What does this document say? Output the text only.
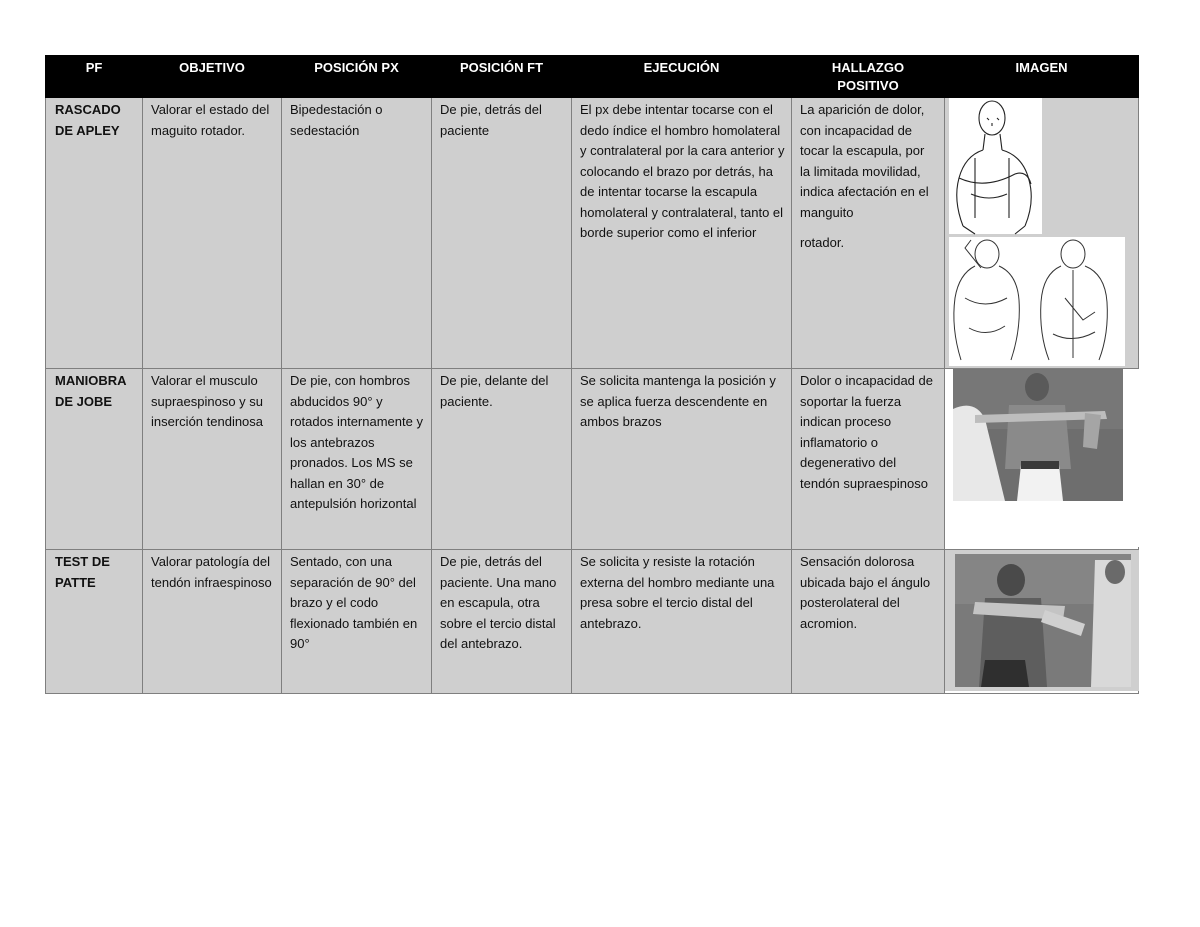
PF	OBJETIVO	POSICIÓN PX	POSICIÓN FT	EJECUCIÓN	HALLAZGO POSITIVO	IMAGEN
RASCADO DE APLEY	Valorar el estado del maguito rotador.	Bipedestación o sedestación	De pie, detrás del paciente	El px debe intentar tocarse con el dedo índice el hombro homolateral y contralateral por la cara anterior y colocando el brazo por detrás, ha de intentar tocarse la escapula homolateral y contralateral, tanto el borde superior como el inferior	La aparición de dolor, con incapacidad de tocar la escapula, por la limitada movilidad, indica afectación en el manguito
rotador.

MANIOBRA DE JOBE	Valorar el musculo supraespinoso y su inserción tendinosa	De pie, con hombros abducidos 90° y rotados internamente y los antebrazos pronados. Los MS se hallan en 30° de antepulsión horizontal	De pie, delante del paciente.	Se solicita mantenga la posición y se aplica fuerza descendente en ambos brazos	Dolor o incapacidad de soportar la fuerza indican proceso inflamatorio o degenerativo del tendón supraespinoso	

TEST DE PATTE	Valorar patología del tendón infraespinoso	Sentado, con una separación de 90° del brazo y el codo flexionado también en 90°	De pie, detrás del paciente. Una mano en escapula, otra sobre el tercio distal del antebrazo.	Se solicita y resiste la rotación externa del hombro mediante una presa sobre el tercio distal del antebrazo.	Sensación dolorosa ubicada bajo el ángulo posterolateral del acromion.	
